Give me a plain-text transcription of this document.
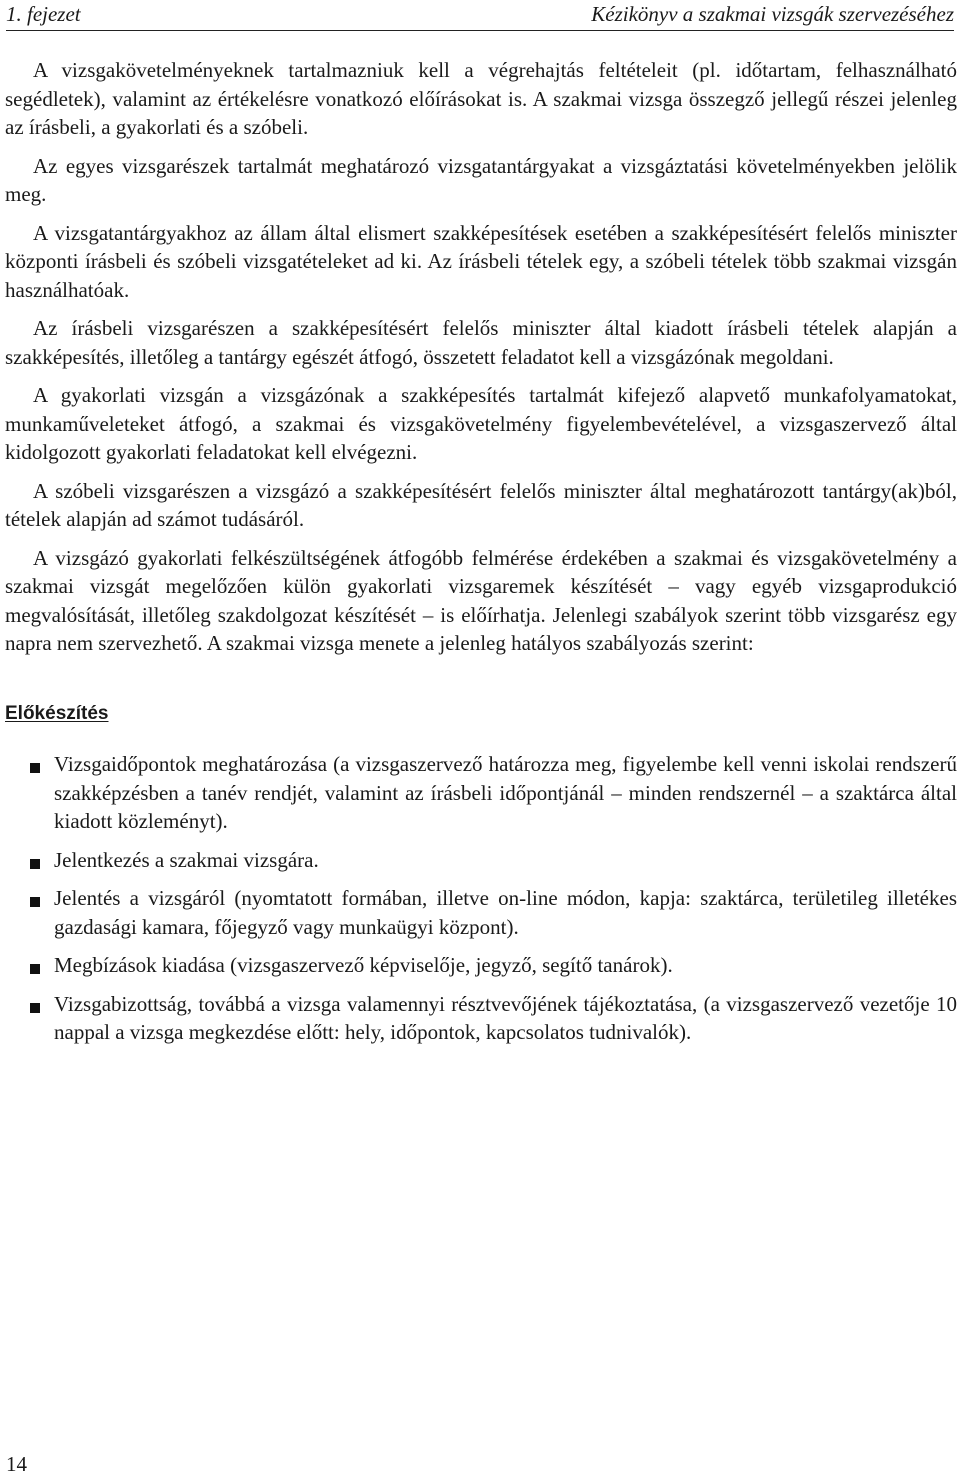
1. fejezet	Kézikönyv a szakmai vizsgák szervezéséhez

A vizsgakövetelményeknek tartalmazniuk kell a végrehajtás feltételeit (pl. időtartam, felhasználható segédletek), valamint az értékelésre vonatkozó előírásokat is. A szakmai vizsga összegző jellegű részei jelenleg az írásbeli, a gyakorlati és a szóbeli.

Az egyes vizsgarészek tartalmát meghatározó vizsgatantárgyakat a vizsgáztatási követelményekben jelölik meg.

A vizsgatantárgyakhoz az állam által elismert szakképesítések esetében a szakképesítésért felelős miniszter központi írásbeli és szóbeli vizsgatételeket ad ki. Az írásbeli tételek egy, a szóbeli tételek több szakmai vizsgán használhatóak.

Az írásbeli vizsgarészen a szakképesítésért felelős miniszter által kiadott írásbeli tételek alapján a szakképesítés, illetőleg a tantárgy egészét átfogó, összetett feladatot kell a vizsgázónak megoldani.

A gyakorlati vizsgán a vizsgázónak a szakképesítés tartalmát kifejező alapvető munkafolyamatokat, munkaműveleteket átfogó, a szakmai és vizsgakövetelmény figyelembevételével, a vizsgaszervező által kidolgozott gyakorlati feladatokat kell elvégezni.

A szóbeli vizsgarészen a vizsgázó a szakképesítésért felelős miniszter által meghatározott tantárgy(ak)ból, tételek alapján ad számot tudásáról.

A vizsgázó gyakorlati felkészültségének átfogóbb felmérése érdekében a szakmai és vizsgakövetelmény a szakmai vizsgát megelőzően külön gyakorlati vizsgaremek készítését – vagy egyéb vizsgaprodukció megvalósítását, illetőleg szakdolgozat készítését – is előírhatja. Jelenlegi szabályok szerint több vizsgarész egy napra nem szervezhető. A szakmai vizsga menete a jelenleg hatályos szabályozás szerint:

Előkészítés
Vizsgaidőpontok meghatározása (a vizsgaszervező határozza meg, figyelembe kell venni iskolai rendszerű szakképzésben a tanév rendjét, valamint az írásbeli időpontjánál – minden rendszernél – a szaktárca által kiadott közleményt).
Jelentkezés a szakmai vizsgára.
Jelentés a vizsgáról (nyomtatott formában, illetve on-line módon, kapja: szaktárca, területileg illetékes gazdasági kamara, főjegyző vagy munkaügyi központ).
Megbízások kiadása (vizsgaszervező képviselője, jegyző, segítő tanárok).
Vizsgabizottság, továbbá a vizsga valamennyi résztvevőjének tájékoztatása, (a vizsgaszervező vezetője 10 nappal a vizsga megkezdése előtt: hely, időpontok, kapcsolatos tudnivalók).
14
